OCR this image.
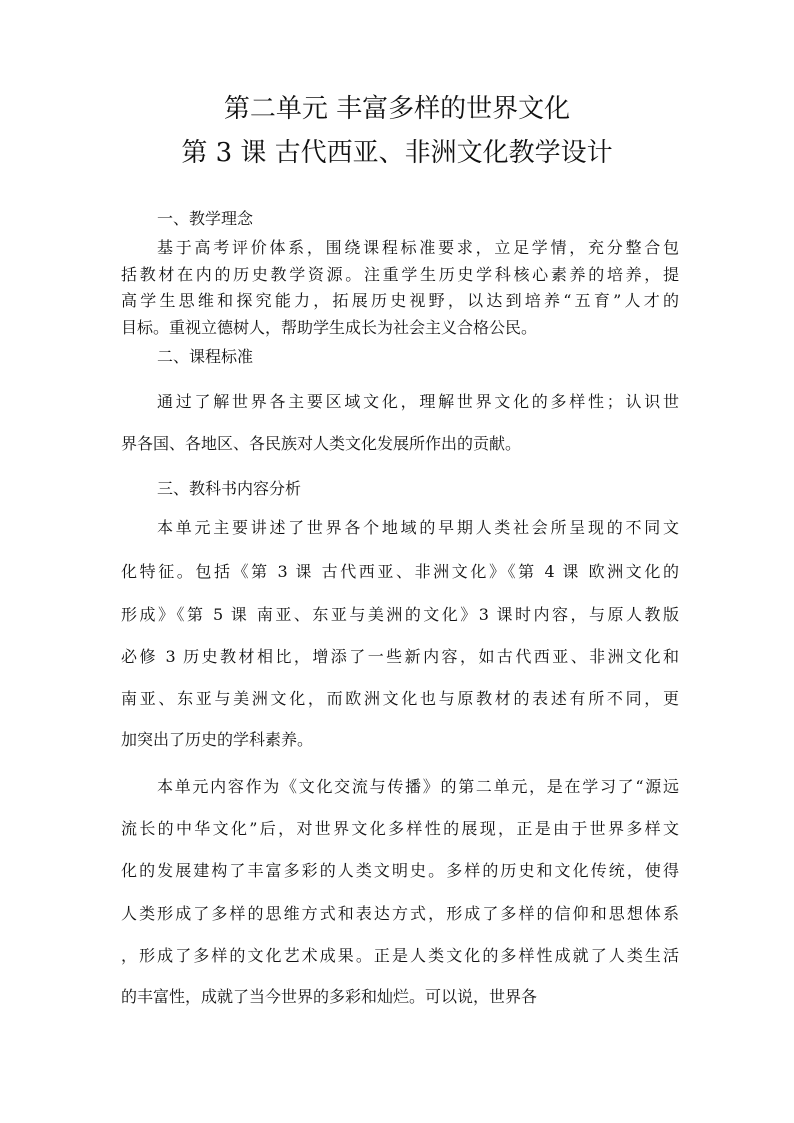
第二单元 丰富多样的世界文化
第 3 课 古代西亚、非洲文化教学设计
一、教学理念
基于高考评价体系，围绕课程标准要求，立足学情，充分整合包
括教材在内的历史教学资源。注重学生历史学科核心素养的培养，提
高学生思维和探究能力，拓展历史视野，以达到培养“五育”人才的
目标。重视立德树人，帮助学生成长为社会主义合格公民。
二、课程标准
通过了解世界各主要区域文化，理解世界文化的多样性；认识世
界各国、各地区、各民族对人类文化发展所作出的贡献。
三、教科书内容分析
本单元主要讲述了世界各个地域的早期人类社会所呈现的不同文
化特征。包括《第 3 课 古代西亚、非洲文化》《第 4 课 欧洲文化的
形成》《第 5 课 南亚、东亚与美洲的文化》3 课时内容，与原人教版
必修 3 历史教材相比，增添了一些新内容，如古代西亚、非洲文化和
南亚、东亚与美洲文化，而欧洲文化也与原教材的表述有所不同，更
加突出了历史的学科素养。
本单元内容作为《文化交流与传播》的第二单元，是在学习了“源远
流长的中华文化”后，对世界文化多样性的展现，正是由于世界多样文
化的发展建构了丰富多彩的人类文明史。多样的历史和文化传统，使得
人类形成了多样的思维方式和表达方式，形成了多样的信仰和思想体系
，形成了多样的文化艺术成果。正是人类文化的多样性成就了人类生活
的丰富性，成就了当今世界的多彩和灿烂。可以说，世界各
